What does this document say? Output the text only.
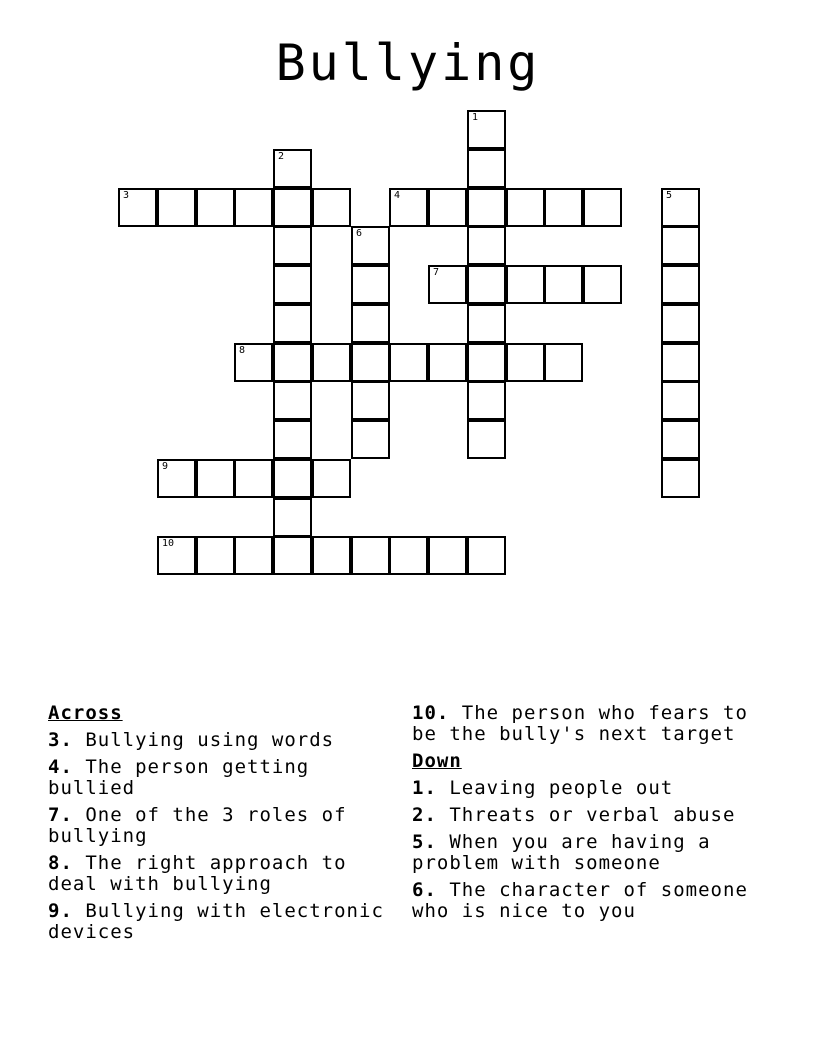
Bullying
1
2
3	4	5
6
7
8
9
10
Across
3. Bullying using words
4. The person getting bullied
7. One of the 3 roles of bullying
8. The right approach to deal with bullying
9. Bullying with electronic devices
10. The person who fears to be the bully's next target
Down
1. Leaving people out
2. Threats or verbal abuse
5. When you are having a problem with someone
6. The character of someone who is nice to you
